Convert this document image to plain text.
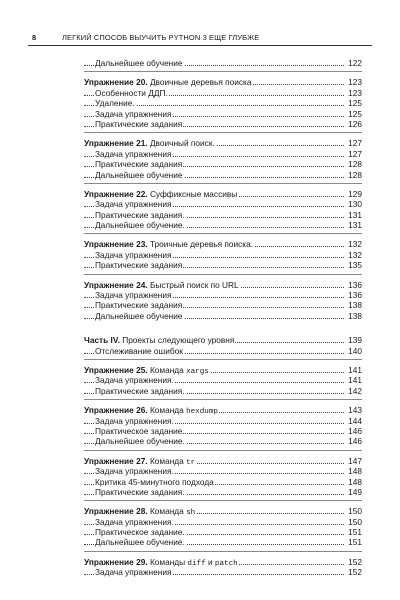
8	ЛЕГКИЙ СПОСОБ ВЫУЧИТЬ PYTHON 3 ЕЩЕ ГЛУБЖЕ
Дальнейшее обучение	122
Упражнение 20. Двоичные деревья поиска	123
Особенности ДДП.	123
Удаление.	125
Задача упражнения	125
Практические задания	126
Упражнение 21. Двоичный поиск.	127
Задача упражнения	127
Практические задания	128
Дальнейшее обучение	128
Упражнение 22. Суффиксные массивы	129
Задача упражнения	130
Практические задания.	131
Дальнейшее обучение.	131
Упражнение 23. Троичные деревья поиска.	132
Задача упражнения	132
Практические задания	135
Упражнение 24. Быстрый поиск по URL	136
Задача упражнения	136
Практические задания	138
Дальнейшее обучение	138
Часть IV. Проекты следующего уровня	139
Отслеживание ошибок	140
Упражнение 25. Команда xargs	141
Задача упражнения.	141
Практические задания.	142
Упражнение 26. Команда hexdump	143
Задача упражнения.	144
Практическое задание	146
Дальнейшее обучение.	146
Упражнение 27. Команда tr	147
Задача упражнения.	148
Критика 45-минутного подхода	148
Практические задания.	149
Упражнение 28. Команда sh	150
Задача упражнения.	150
Практическое задание.	151
Дальнейшее обучение.	151
Упражнение 29. Команды diff и patch	152
Задача упражнения	152
